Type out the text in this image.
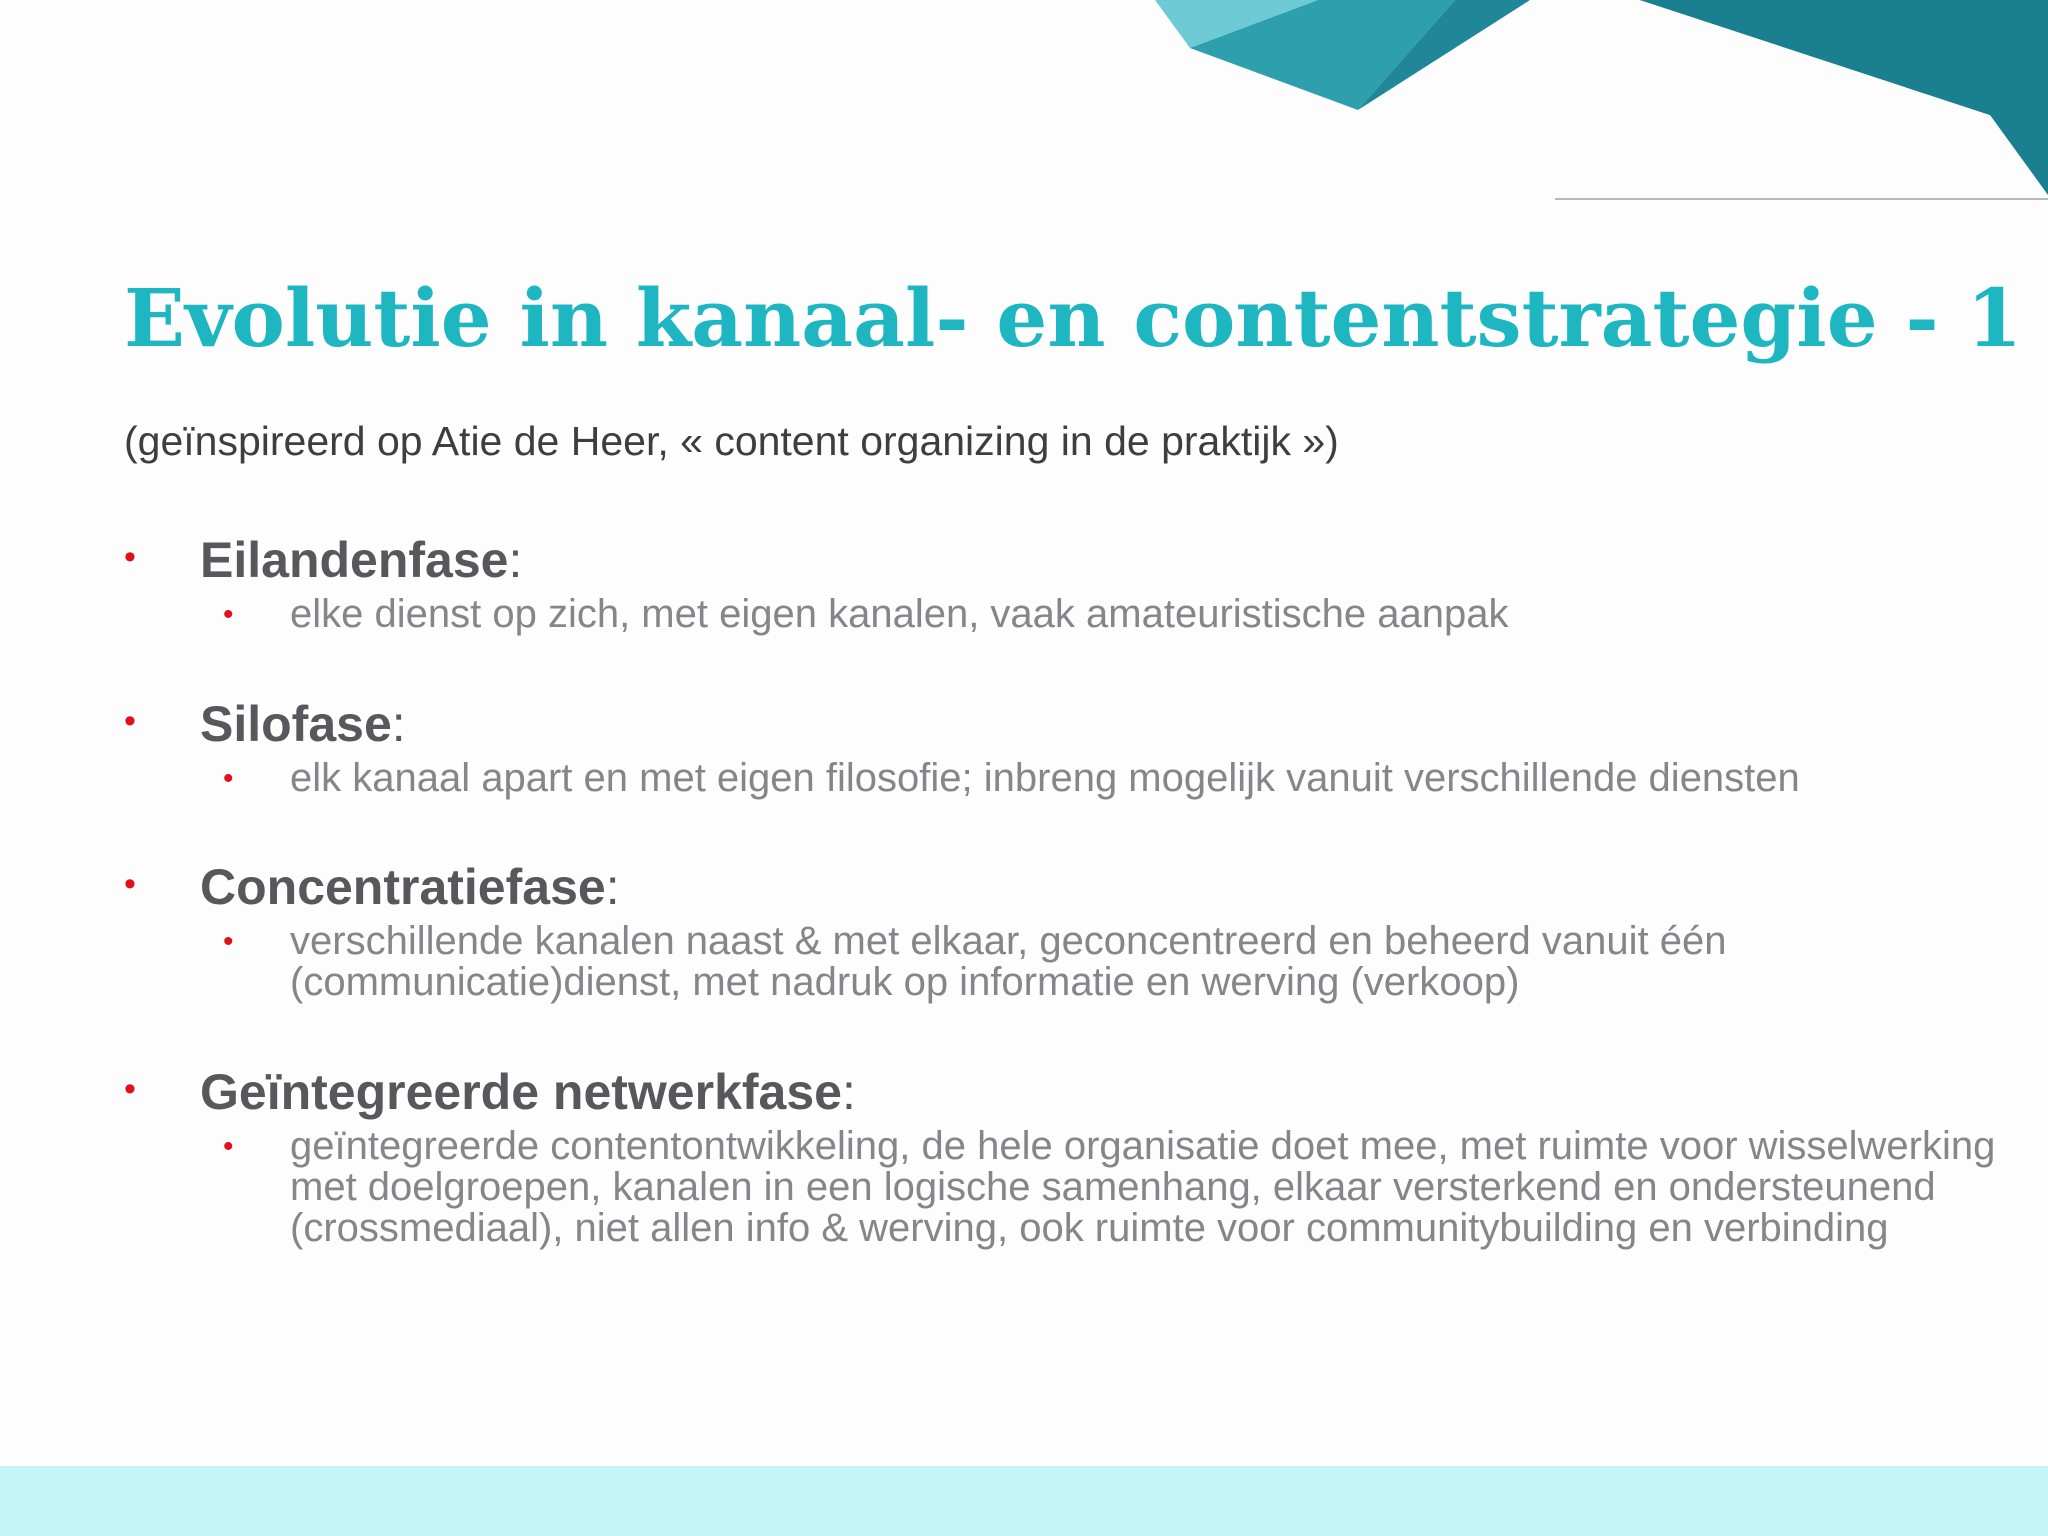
Evolutie in kanaal- en contentstrategie - 1
(geïnspireerd op Atie de Heer, « content organizing in de praktijk »)
• Eilandenfase:
• elke dienst op zich, met eigen kanalen, vaak amateuristische aanpak
• Silofase:
• elk kanaal apart en met eigen filosofie; inbreng mogelijk vanuit verschillende diensten
• Concentratiefase:
• verschillende kanalen naast & met elkaar, geconcentreerd en beheerd vanuit één (communicatie)dienst, met nadruk op informatie en werving (verkoop)
• Geïntegreerde netwerkfase:
• geïntegreerde contentontwikkeling, de hele organisatie doet mee, met ruimte voor wisselwerking met doelgroepen, kanalen in een logische samenhang, elkaar versterkend en ondersteunend (crossmediaal), niet allen info & werving, ook ruimte voor communitybuilding en verbinding
